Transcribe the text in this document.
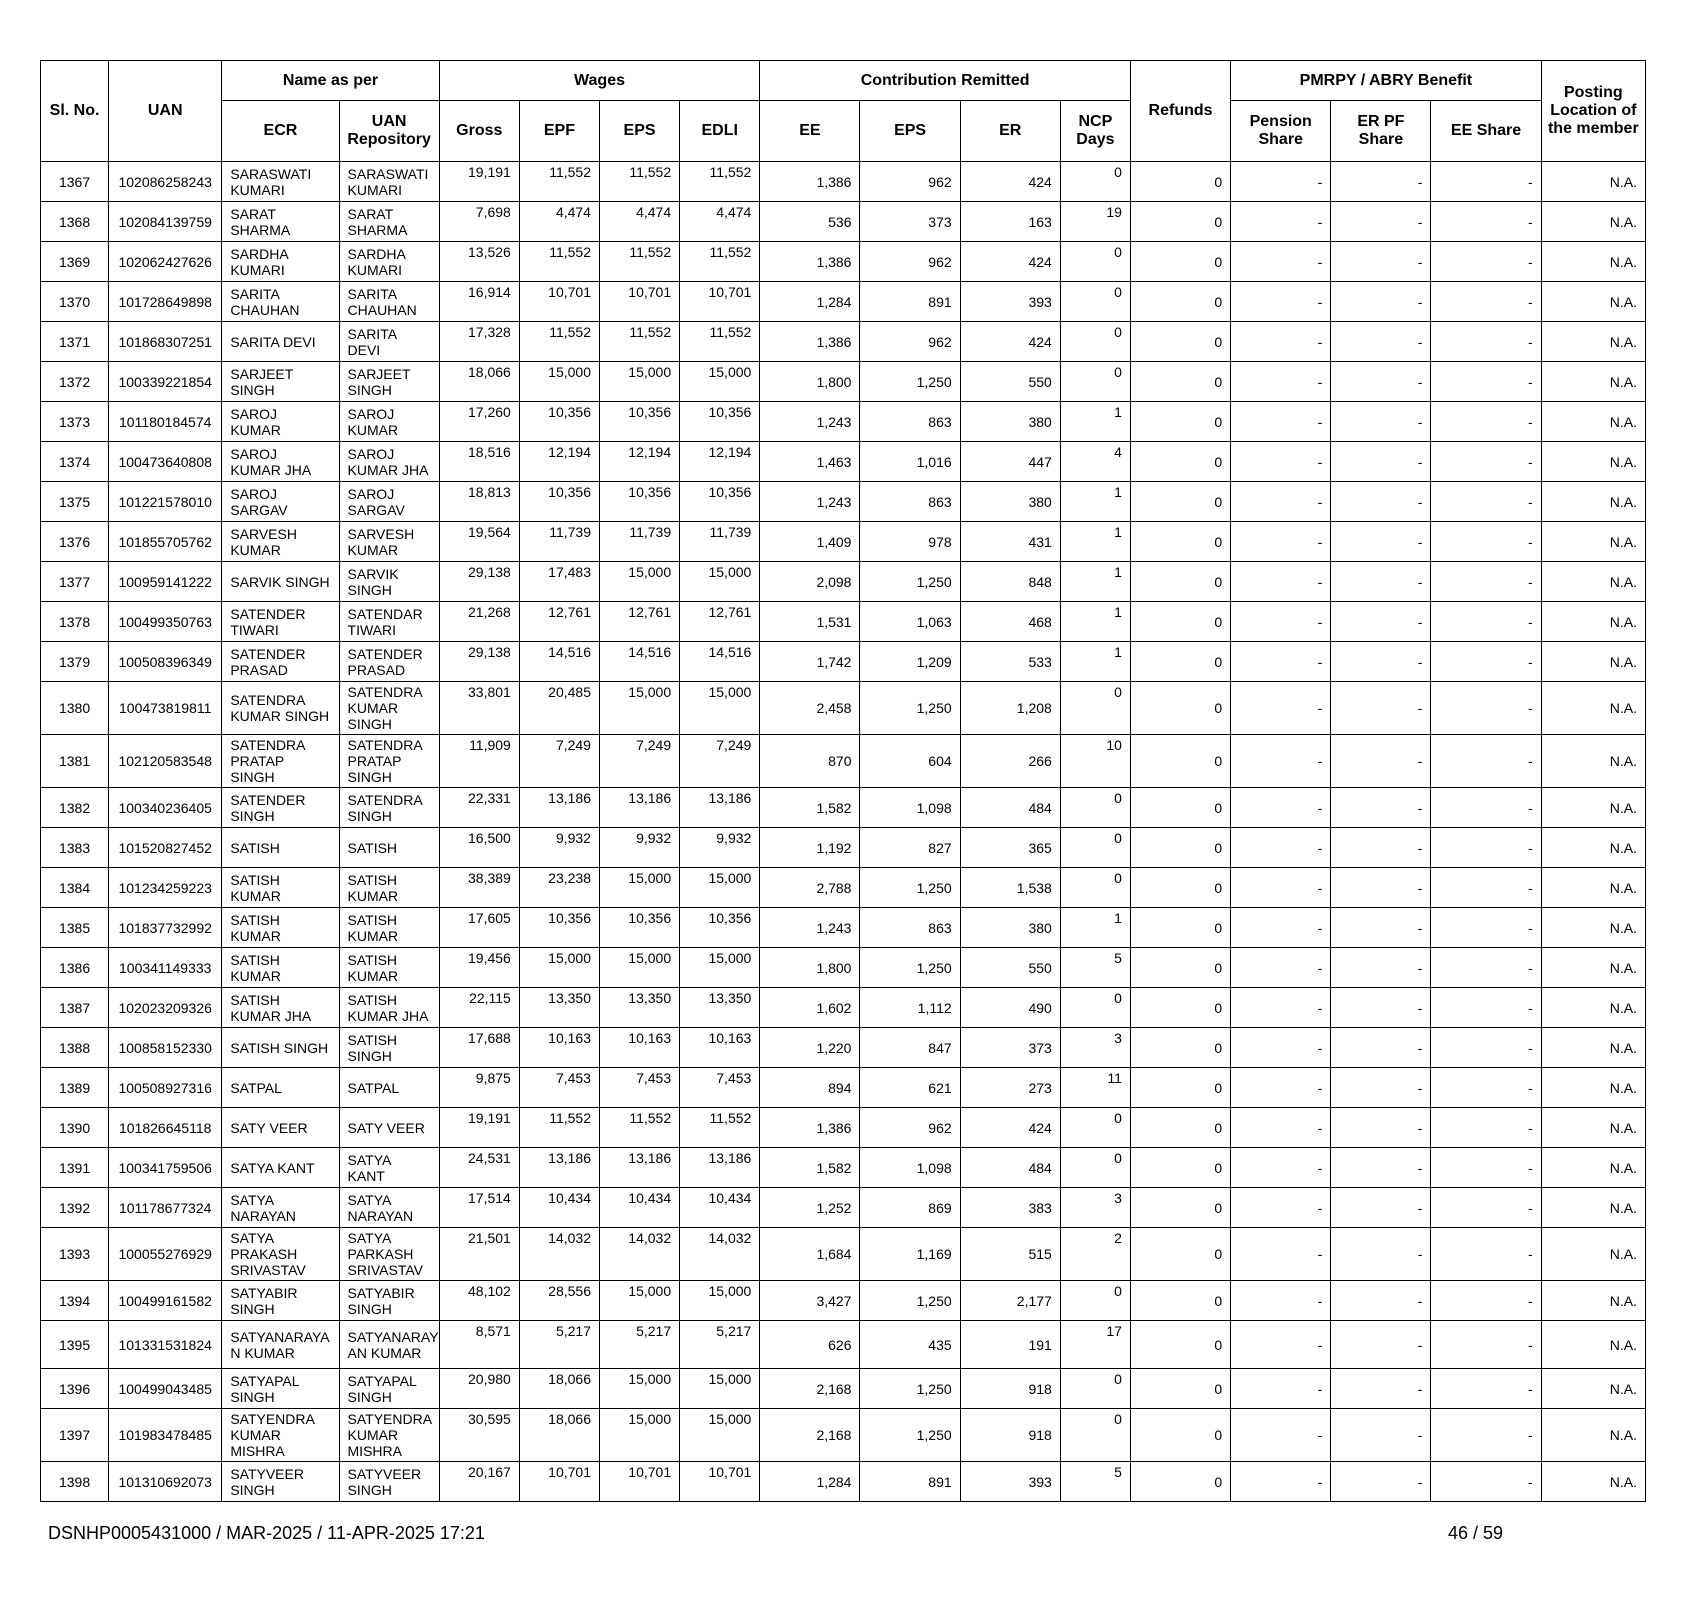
Sl. No.	UAN	Name as per		Wages				Contribution Remitted				Refunds	PMRPY / ABRY Benefit			Posting Location of the member
		ECR	UAN Repository	Gross	EPF	EPS	EDLI	EE	EPS	ER	NCP Days		Pension Share	ER PF Share	EE Share	
1367	102086258243	SARASWATI KUMARI	SARASWATI KUMARI	19,191	11,552	11,552	11,552	1,386	962	424	0	0	-	-	-	N.A.
1368	102084139759	SARAT SHARMA	SARAT SHARMA	7,698	4,474	4,474	4,474	536	373	163	19	0	-	-	-	N.A.
1369	102062427626	SARDHA KUMARI	SARDHA KUMARI	13,526	11,552	11,552	11,552	1,386	962	424	0	0	-	-	-	N.A.
1370	101728649898	SARITA CHAUHAN	SARITA CHAUHAN	16,914	10,701	10,701	10,701	1,284	891	393	0	0	-	-	-	N.A.
1371	101868307251	SARITA DEVI	SARITA DEVI	17,328	11,552	11,552	11,552	1,386	962	424	0	0	-	-	-	N.A.
1372	100339221854	SARJEET SINGH	SARJEET SINGH	18,066	15,000	15,000	15,000	1,800	1,250	550	0	0	-	-	-	N.A.
1373	101180184574	SAROJ KUMAR	SAROJ KUMAR	17,260	10,356	10,356	10,356	1,243	863	380	1	0	-	-	-	N.A.
1374	100473640808	SAROJ KUMAR JHA	SAROJ KUMAR JHA	18,516	12,194	12,194	12,194	1,463	1,016	447	4	0	-	-	-	N.A.
1375	101221578010	SAROJ SARGAV	SAROJ SARGAV	18,813	10,356	10,356	10,356	1,243	863	380	1	0	-	-	-	N.A.
1376	101855705762	SARVESH KUMAR	SARVESH KUMAR	19,564	11,739	11,739	11,739	1,409	978	431	1	0	-	-	-	N.A.
1377	100959141222	SARVIK SINGH	SARVIK SINGH	29,138	17,483	15,000	15,000	2,098	1,250	848	1	0	-	-	-	N.A.
1378	100499350763	SATENDER TIWARI	SATENDAR TIWARI	21,268	12,761	12,761	12,761	1,531	1,063	468	1	0	-	-	-	N.A.
1379	100508396349	SATENDER PRASAD	SATENDER PRASAD	29,138	14,516	14,516	14,516	1,742	1,209	533	1	0	-	-	-	N.A.
1380	100473819811	SATENDRA KUMAR SINGH	SATENDRA KUMAR SINGH	33,801	20,485	15,000	15,000	2,458	1,250	1,208	0	0	-	-	-	N.A.
1381	102120583548	SATENDRA PRATAP SINGH	SATENDRA PRATAP SINGH	11,909	7,249	7,249	7,249	870	604	266	10	0	-	-	-	N.A.
1382	100340236405	SATENDER SINGH	SATENDRA SINGH	22,331	13,186	13,186	13,186	1,582	1,098	484	0	0	-	-	-	N.A.
1383	101520827452	SATISH	SATISH	16,500	9,932	9,932	9,932	1,192	827	365	0	0	-	-	-	N.A.
1384	101234259223	SATISH KUMAR	SATISH KUMAR	38,389	23,238	15,000	15,000	2,788	1,250	1,538	0	0	-	-	-	N.A.
1385	101837732992	SATISH KUMAR	SATISH KUMAR	17,605	10,356	10,356	10,356	1,243	863	380	1	0	-	-	-	N.A.
1386	100341149333	SATISH KUMAR	SATISH KUMAR	19,456	15,000	15,000	15,000	1,800	1,250	550	5	0	-	-	-	N.A.
1387	102023209326	SATISH KUMAR JHA	SATISH KUMAR JHA	22,115	13,350	13,350	13,350	1,602	1,112	490	0	0	-	-	-	N.A.
1388	100858152330	SATISH SINGH	SATISH SINGH	17,688	10,163	10,163	10,163	1,220	847	373	3	0	-	-	-	N.A.
1389	100508927316	SATPAL	SATPAL	9,875	7,453	7,453	7,453	894	621	273	11	0	-	-	-	N.A.
1390	101826645118	SATY VEER	SATY VEER	19,191	11,552	11,552	11,552	1,386	962	424	0	0	-	-	-	N.A.
1391	100341759506	SATYA KANT	SATYA KANT	24,531	13,186	13,186	13,186	1,582	1,098	484	0	0	-	-	-	N.A.
1392	101178677324	SATYA NARAYAN	SATYA NARAYAN	17,514	10,434	10,434	10,434	1,252	869	383	3	0	-	-	-	N.A.
1393	100055276929	SATYA PRAKASH SRIVASTAV	SATYA PARKASH SRIVASTAV	21,501	14,032	14,032	14,032	1,684	1,169	515	2	0	-	-	-	N.A.
1394	100499161582	SATYABIR SINGH	SATYABIR SINGH	48,102	28,556	15,000	15,000	3,427	1,250	2,177	0	0	-	-	-	N.A.
1395	101331531824	SATYANARAYA N KUMAR	SATYANARAY AN KUMAR	8,571	5,217	5,217	5,217	626	435	191	17	0	-	-	-	N.A.
1396	100499043485	SATYAPAL SINGH	SATYAPAL SINGH	20,980	18,066	15,000	15,000	2,168	1,250	918	0	0	-	-	-	N.A.
1397	101983478485	SATYENDRA KUMAR MISHRA	SATYENDRA KUMAR MISHRA	30,595	18,066	15,000	15,000	2,168	1,250	918	0	0	-	-	-	N.A.
1398	101310692073	SATYVEER SINGH	SATYVEER SINGH	20,167	10,701	10,701	10,701	1,284	891	393	5	0	-	-	-	N.A.
DSNHP0005431000 / MAR-2025 / 11-APR-2025 17:21	46 / 59
